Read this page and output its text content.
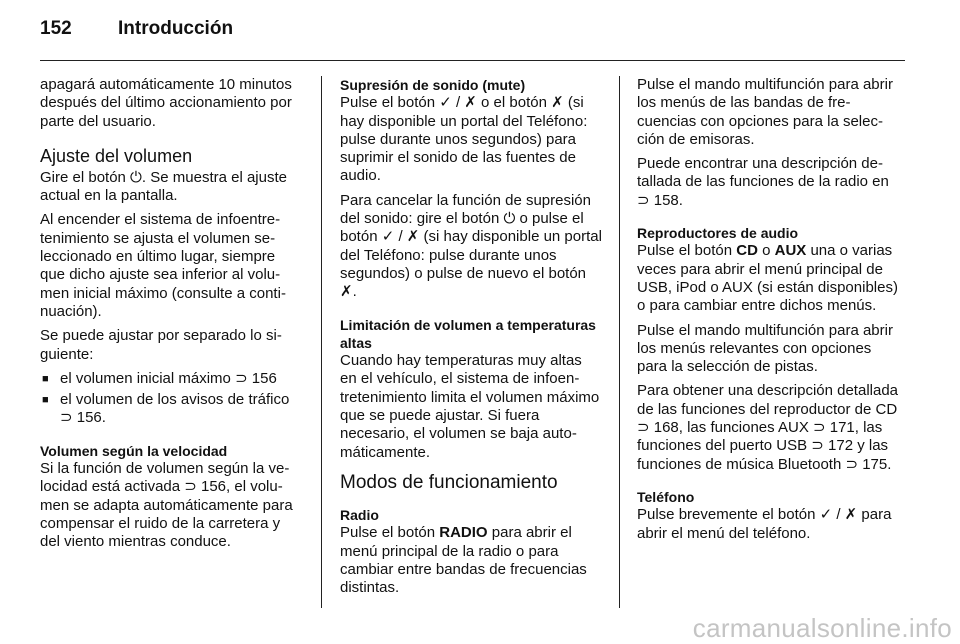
152	Introducción

apagará automáticamente 10 minutos después del último accionamiento por parte del usuario.

Ajuste del volumen

Gire el botón ⏻. Se muestra el ajuste actual en la pantalla.

Al encender el sistema de infoentretenimiento se ajusta el volumen seleccionado en último lugar, siempre que dicho ajuste sea inferior al volumen inicial máximo (consulte a continuación).

Se puede ajustar por separado lo siguiente:

■ el volumen inicial máximo ⊃ 156
■ el volumen de los avisos de tráfico ⊃ 156.
Volumen según la velocidad

Si la función de volumen según la velocidad está activada ⊃ 156, el volumen se adapta automáticamente para compensar el ruido de la carretera y del viento mientras conduce.

Supresión de sonido (mute)

Pulse el botón ✓ / ✗ o el botón ✗ (si hay disponible un portal del Teléfono: pulse durante unos segundos) para suprimir el sonido de las fuentes de audio.

Para cancelar la función de supresión del sonido: gire el botón ⏻ o pulse el botón ✓ / ✗ (si hay disponible un portal del Teléfono: pulse durante unos segundos) o pulse de nuevo el botón ✗.

Limitación de volumen a temperaturas altas

Cuando hay temperaturas muy altas en el vehículo, el sistema de infoentretenimiento limita el volumen máximo que se puede ajustar. Si fuera necesario, el volumen se baja automáticamente.

Modos de funcionamiento
Radio

Pulse el botón RADIO para abrir el menú principal de la radio o para cambiar entre bandas de frecuencias distintas.

Pulse el mando multifunción para abrir los menús de las bandas de frecuencias con opciones para la selección de emisoras.

Puede encontrar una descripción detallada de las funciones de la radio en ⊃ 158.

Reproductores de audio

Pulse el botón CD o AUX una o varias veces para abrir el menú principal de USB, iPod o AUX (si están disponibles) o para cambiar entre dichos menús.

Pulse el mando multifunción para abrir los menús relevantes con opciones para la selección de pistas.

Para obtener una descripción detallada de las funciones del reproductor de CD ⊃ 168, las funciones AUX ⊃ 171, las funciones del puerto USB ⊃ 172 y las funciones de música Bluetooth ⊃ 175.

Teléfono

Pulse brevemente el botón ✓ / ✗ para abrir el menú del teléfono.

carmanualsonline.info
